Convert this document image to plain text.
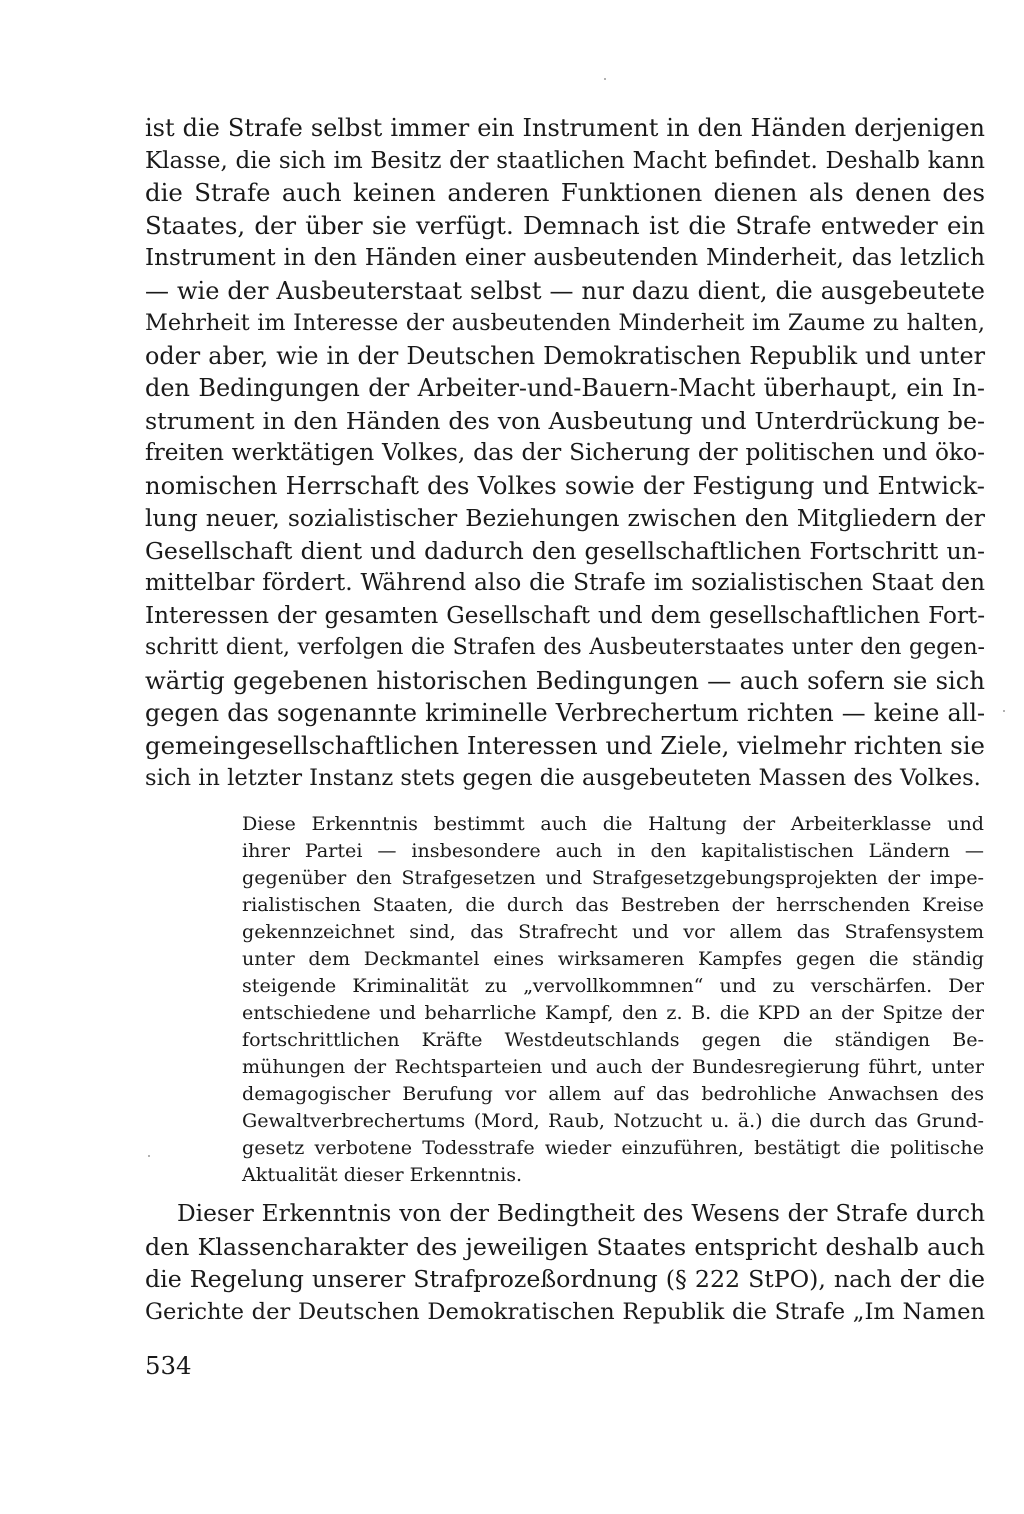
ist die Strafe selbst immer ein Instrument in den Händen derjenigen
Klasse, die sich im Besitz der staatlichen Macht befindet. Deshalb kann
die Strafe auch keinen anderen Funktionen dienen als denen des
Staates, der über sie verfügt. Demnach ist die Strafe entweder ein
Instrument in den Händen einer ausbeutenden Minderheit, das letzlich
— wie der Ausbeuterstaat selbst — nur dazu dient, die ausgebeutete
Mehrheit im Interesse der ausbeutenden Minderheit im Zaume zu halten,
oder aber, wie in der Deutschen Demokratischen Republik und unter
den Bedingungen der Arbeiter-und-Bauern-Macht überhaupt, ein In-
strument in den Händen des von Ausbeutung und Unterdrückung be-
freiten werktätigen Volkes, das der Sicherung der politischen und öko-
nomischen Herrschaft des Volkes sowie der Festigung und Entwick-
lung neuer, sozialistischer Beziehungen zwischen den Mitgliedern der
Gesellschaft dient und dadurch den gesellschaftlichen Fortschritt un-
mittelbar fördert. Während also die Strafe im sozialistischen Staat den
Interessen der gesamten Gesellschaft und dem gesellschaftlichen Fort-
schritt dient, verfolgen die Strafen des Ausbeuterstaates unter den gegen-
wärtig gegebenen historischen Bedingungen — auch sofern sie sich
gegen das sogenannte kriminelle Verbrechertum richten — keine all-
gemeingesellschaftlichen Interessen und Ziele, vielmehr richten sie
sich in letzter Instanz stets gegen die ausgebeuteten Massen des Volkes.

Diese Erkenntnis bestimmt auch die Haltung der Arbeiterklasse und
ihrer Partei — insbesondere auch in den kapitalistischen Ländern —
gegenüber den Strafgesetzen und Strafgesetzgebungsprojekten der impe-
rialistischen Staaten, die durch das Bestreben der herrschenden Kreise
gekennzeichnet sind, das Strafrecht und vor allem das Strafensystem
unter dem Deckmantel eines wirksameren Kampfes gegen die ständig
steigende Kriminalität zu „vervollkommnen“ und zu verschärfen. Der
entschiedene und beharrliche Kampf, den z. B. die KPD an der Spitze der
fortschrittlichen Kräfte Westdeutschlands gegen die ständigen Be-
mühungen der Rechtsparteien und auch der Bundesregierung führt, unter
demagogischer Berufung vor allem auf das bedrohliche Anwachsen des
Gewaltverbrechertums (Mord, Raub, Notzucht u. ä.) die durch das Grund-
gesetz verbotene Todesstrafe wieder einzuführen, bestätigt die politische
Aktualität dieser Erkenntnis.

Dieser Erkenntnis von der Bedingtheit des Wesens der Strafe durch
den Klassencharakter des jeweiligen Staates entspricht deshalb auch
die Regelung unserer Strafprozeßordnung (§ 222 StPO), nach der die
Gerichte der Deutschen Demokratischen Republik die Strafe „Im Namen

534
